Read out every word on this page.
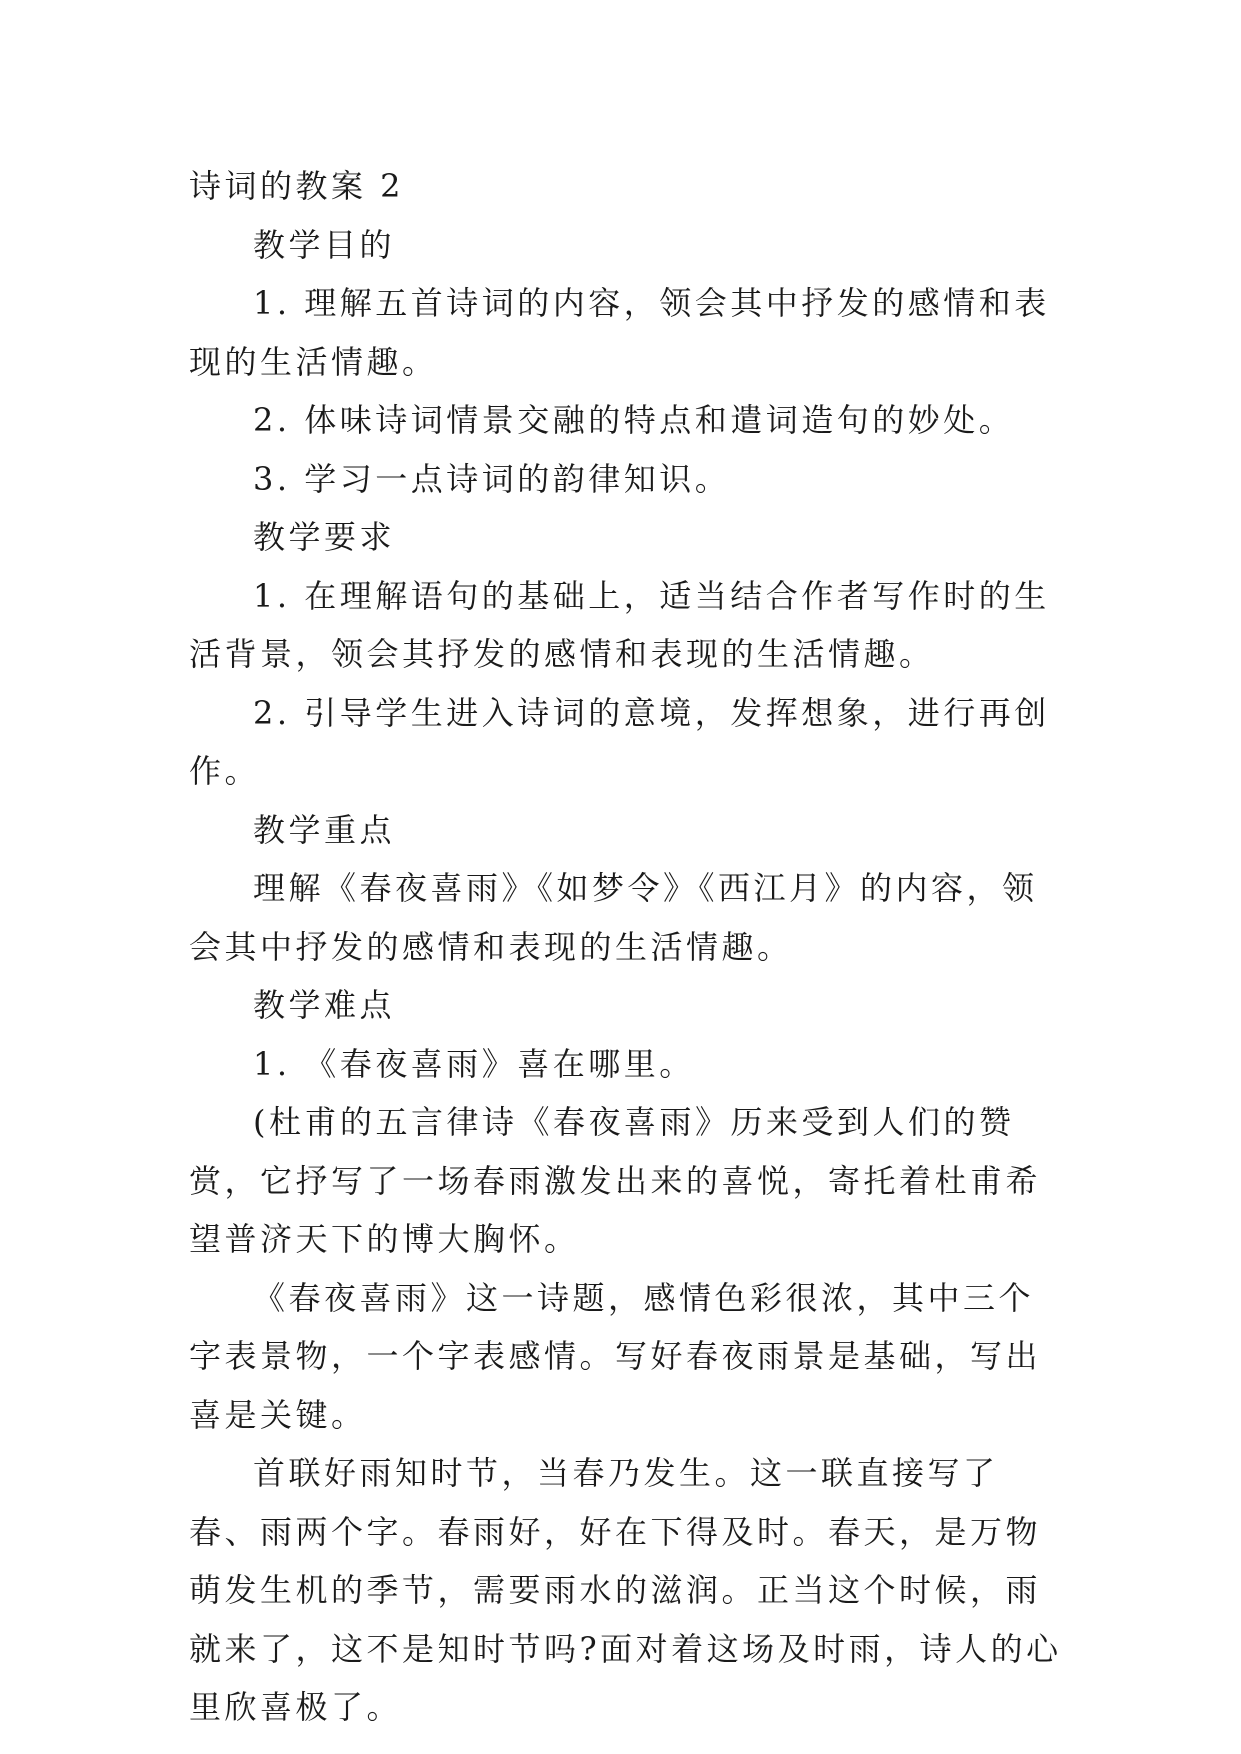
诗词的教案 2

教学目的

1. 理解五首诗词的内容，领会其中抒发的感情和表现的生活情趣。

2. 体味诗词情景交融的特点和遣词造句的妙处。

3. 学习一点诗词的韵律知识。

教学要求

1. 在理解语句的基础上，适当结合作者写作时的生活背景，领会其抒发的感情和表现的生活情趣。

2. 引导学生进入诗词的意境，发挥想象，进行再创作。

教学重点

理解《春夜喜雨》《如梦令》《西江月》的内容，领会其中抒发的感情和表现的生活情趣。

教学难点

1. 《春夜喜雨》喜在哪里。

(杜甫的五言律诗《春夜喜雨》历来受到人们的赞赏，它抒写了一场春雨激发出来的喜悦，寄托着杜甫希望普济天下的博大胸怀。

《春夜喜雨》这一诗题，感情色彩很浓，其中三个字表景物，一个字表感情。写好春夜雨景是基础，写出喜是关键。

首联好雨知时节，当春乃发生。这一联直接写了春、雨两个字。春雨好，好在下得及时。春天，是万物萌发生机的季节，需要雨水的滋润。正当这个时候，雨就来了，这不是知时节吗?面对着这场及时雨，诗人的心里欣喜极了。
